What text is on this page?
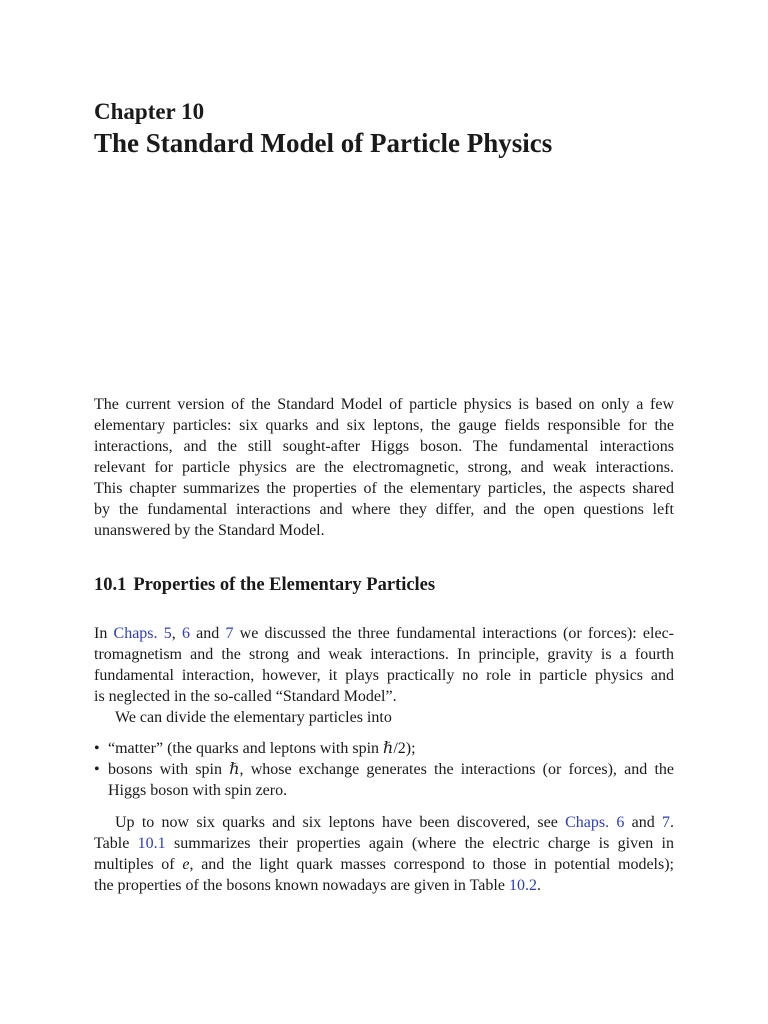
Chapter 10
The Standard Model of Particle Physics
The current version of the Standard Model of particle physics is based on only a few
elementary particles: six quarks and six leptons, the gauge fields responsible for the
interactions, and the still sought-after Higgs boson. The fundamental interactions
relevant for particle physics are the electromagnetic, strong, and weak interactions.
This chapter summarizes the properties of the elementary particles, the aspects shared
by the fundamental interactions and where they differ, and the open questions left
unanswered by the Standard Model.
10.1 Properties of the Elementary Particles
In Chaps. 5, 6 and 7 we discussed the three fundamental interactions (or forces): elec-
tromagnetism and the strong and weak interactions. In principle, gravity is a fourth
fundamental interaction, however, it plays practically no role in particle physics and
is neglected in the so-called “Standard Model”.
We can divide the elementary particles into
• “matter” (the quarks and leptons with spin ℏ/2);
• bosons with spin ℏ, whose exchange generates the interactions (or forces), and the
Higgs boson with spin zero.
Up to now six quarks and six leptons have been discovered, see Chaps. 6 and 7.
Table 10.1 summarizes their properties again (where the electric charge is given in
multiples of e, and the light quark masses correspond to those in potential models);
the properties of the bosons known nowadays are given in Table 10.2.
